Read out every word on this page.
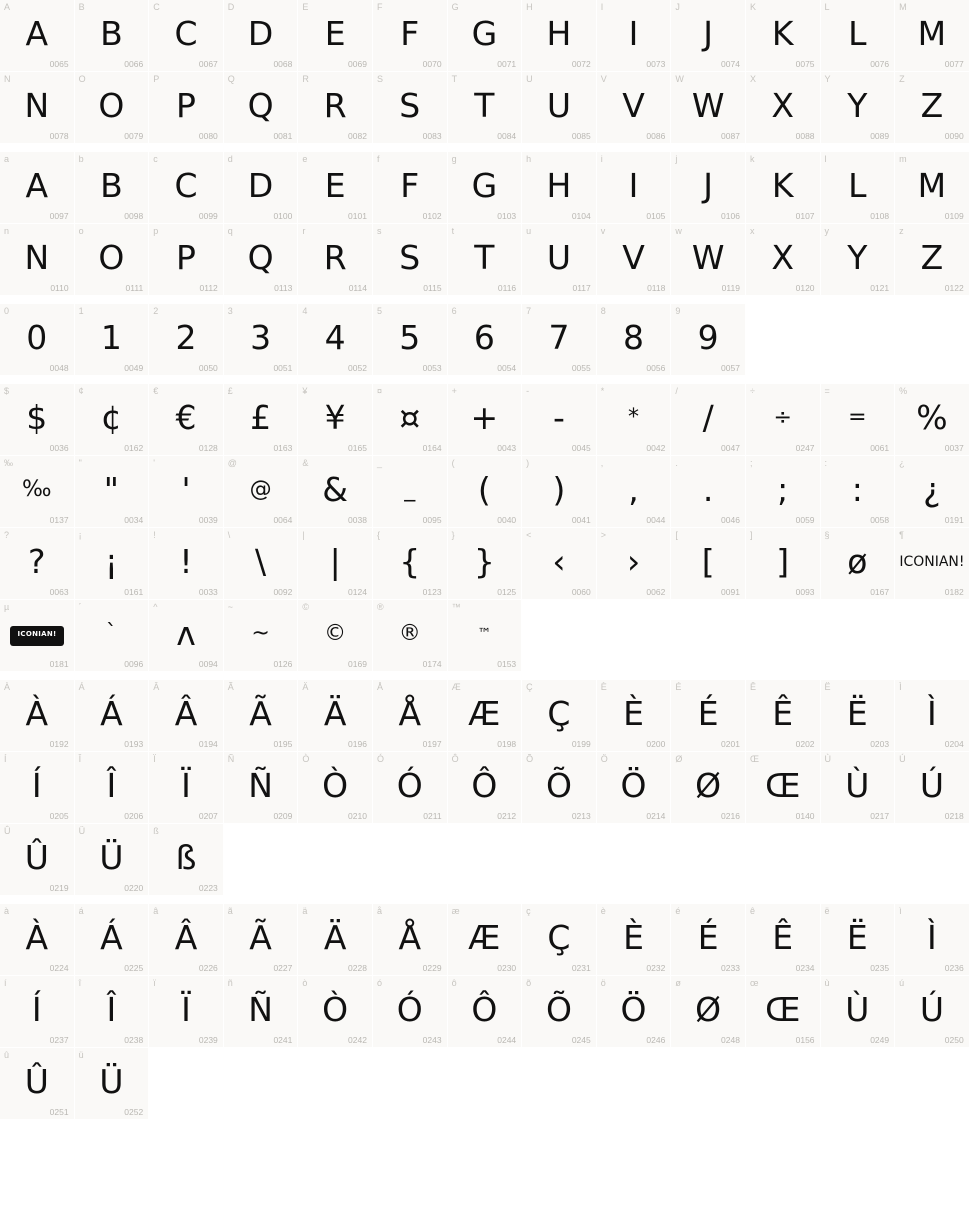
A
A
0065
B
B
0066
C
C
0067
D
D
0068
E
E
0069
F
F
0070
G
G
0071
H
H
0072
I
I
0073
J
J
0074
K
K
0075
L
L
0076
M
M
0077
N
N
0078
O
O
0079
P
P
0080
Q
Q
0081
R
R
0082
S
S
0083
T
T
0084
U
U
0085
V
V
0086
W
W
0087
X
X
0088
Y
Y
0089
Z
Z
0090
a
A
0097
b
B
0098
c
C
0099
d
D
0100
e
E
0101
f
F
0102
g
G
0103
h
H
0104
i
I
0105
j
J
0106
k
K
0107
l
L
0108
m
M
0109
n
N
0110
o
O
0111
p
P
0112
q
Q
0113
r
R
0114
s
S
0115
t
T
0116
u
U
0117
v
V
0118
w
W
0119
x
X
0120
y
Y
0121
z
Z
0122
0
0
0048
1
1
0049
2
2
0050
3
3
0051
4
4
0052
5
5
0053
6
6
0054
7
7
0055
8
8
0056
9
9
0057
$
$
0036
¢
¢
0162
€
€
0128
£
£
0163
¥
¥
0165
¤
¤
0164
+
+
0043
-
-
0045
*
*
0042
/
/
0047
÷
÷
0247
=
=
0061
%
%
0037
‰
‰
0137
"
"
0034
'
'
0039
@
@
0064
&
&
0038
_
_
0095
(
(
0040
)
)
0041
,
,
0044
.
.
0046
;
;
0059
:
:
0058
¿
¿
0191
?
?
0063
¡
¡
0161
!
!
0033
\
\
0092
|
|
0124
{
{
0123
}
}
0125
<
‹
0060
>
›
0062
[
[
0091
]
]
0093
§
ø
0167
¶
ICONIAN!
0182
µ
ICONIAN!
0181
´
`
0096
^
ʌ
0094
~
~
0126
©
©
0169
®
®
0174
™
™
0153
À
À
0192
Á
Á
0193
Â
Â
0194
Ã
Ã
0195
Ä
Ä
0196
Å
Å
0197
Æ
Æ
0198
Ç
Ç
0199
È
È
0200
É
É
0201
Ê
Ê
0202
Ë
Ë
0203
Ì
Ì
0204
Í
Í
0205
Î
Î
0206
Ï
Ï
0207
Ñ
Ñ
0209
Ò
Ò
0210
Ó
Ó
0211
Ô
Ô
0212
Õ
Õ
0213
Ö
Ö
0214
Ø
Ø
0216
Œ
Œ
0140
Ù
Ù
0217
Ú
Ú
0218
Û
Û
0219
Ü
Ü
0220
ß
ß
0223
à
À
0224
á
Á
0225
â
Â
0226
ã
Ã
0227
ä
Ä
0228
å
Å
0229
æ
Æ
0230
ç
Ç
0231
è
È
0232
é
É
0233
ê
Ê
0234
ë
Ë
0235
ì
Ì
0236
í
Í
0237
î
Î
0238
ï
Ï
0239
ñ
Ñ
0241
ò
Ò
0242
ó
Ó
0243
ô
Ô
0244
õ
Õ
0245
ö
Ö
0246
ø
Ø
0248
œ
Œ
0156
ù
Ù
0249
ú
Ú
0250
û
Û
0251
ü
Ü
0252
